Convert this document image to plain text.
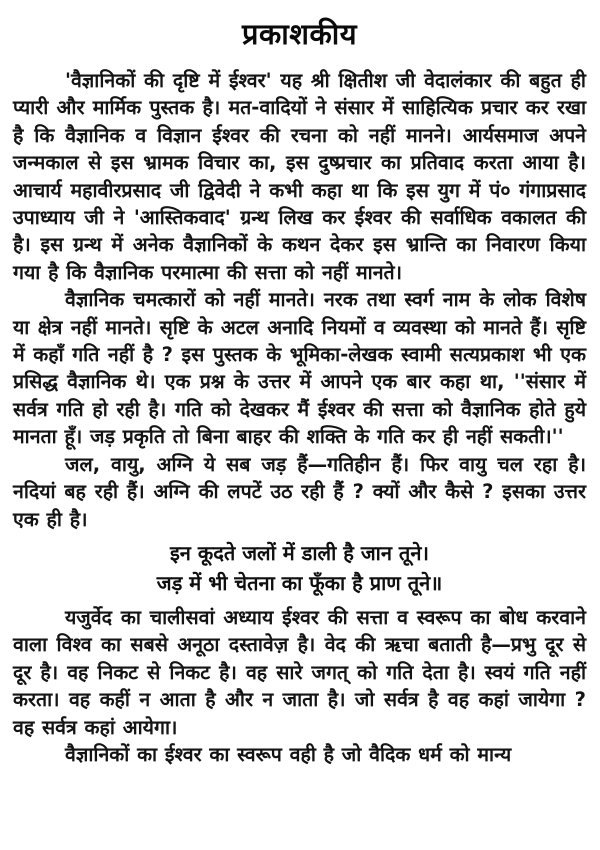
प्रकाशकीय

'वैज्ञानिकों की दृष्टि में ईश्वर' यह श्री क्षितीश जी वेदालंकार की बहुत ही प्यारी और मार्मिक पुस्तक है। मत-वादियों ने संसार में साहित्यिक प्रचार कर रखा है कि वैज्ञानिक व विज्ञान ईश्वर की रचना को नहीं मानने। आर्यसमाज अपने जन्मकाल से इस भ्रामक विचार का, इस दुष्प्रचार का प्रतिवाद करता आया है। आचार्य महावीरप्रसाद जी द्विवेदी ने कभी कहा था कि इस युग में पं० गंगाप्रसाद उपाध्याय जी ने 'आस्तिकवाद' ग्रन्थ लिख कर ईश्वर की सर्वाधिक वकालत की है। इस ग्रन्थ में अनेक वैज्ञानिकों के कथन देकर इस भ्रान्ति का निवारण किया गया है कि वैज्ञानिक परमात्मा की सत्ता को नहीं मानते।

वैज्ञानिक चमत्कारों को नहीं मानते। नरक तथा स्वर्ग नाम के लोक विशेष या क्षेत्र नहीं मानते। सृष्टि के अटल अनादि नियमों व व्यवस्था को मानते हैं। सृष्टि में कहाँ गति नहीं है ? इस पुस्तक के भूमिका-लेखक स्वामी सत्यप्रकाश भी एक प्रसिद्ध वैज्ञानिक थे। एक प्रश्न के उत्तर में आपने एक बार कहा था, ''संसार में सर्वत्र गति हो रही है। गति को देखकर मैं ईश्वर की सत्ता को वैज्ञानिक होते हुये मानता हूँ। जड़ प्रकृति तो बिना बाहर की शक्ति के गति कर ही नहीं सकती।''

जल, वायु, अग्नि ये सब जड़ हैं—गतिहीन हैं। फिर वायु चल रहा है। नदियां बह रही हैं। अग्नि की लपटें उठ रही हैं ? क्यों और कैसे ? इसका उत्तर एक ही है।

इन कूदते जलों में डाली है जान तूने।
जड़ में भी चेतना का फूँका है प्राण तूने॥

यजुर्वेद का चालीसवां अध्याय ईश्वर की सत्ता व स्वरूप का बोध करवाने वाला विश्व का सबसे अनूठा दस्तावेज़ है। वेद की ऋचा बताती है—प्रभु दूर से दूर है। वह निकट से निकट है। वह सारे जगत् को गति देता है। स्वयं गति नहीं करता। वह कहीं न आता है और न जाता है। जो सर्वत्र है वह कहां जायेगा ? वह सर्वत्र कहां आयेगा।

वैज्ञानिकों का ईश्वर का स्वरूप वही है जो वैदिक धर्म को मान्य
